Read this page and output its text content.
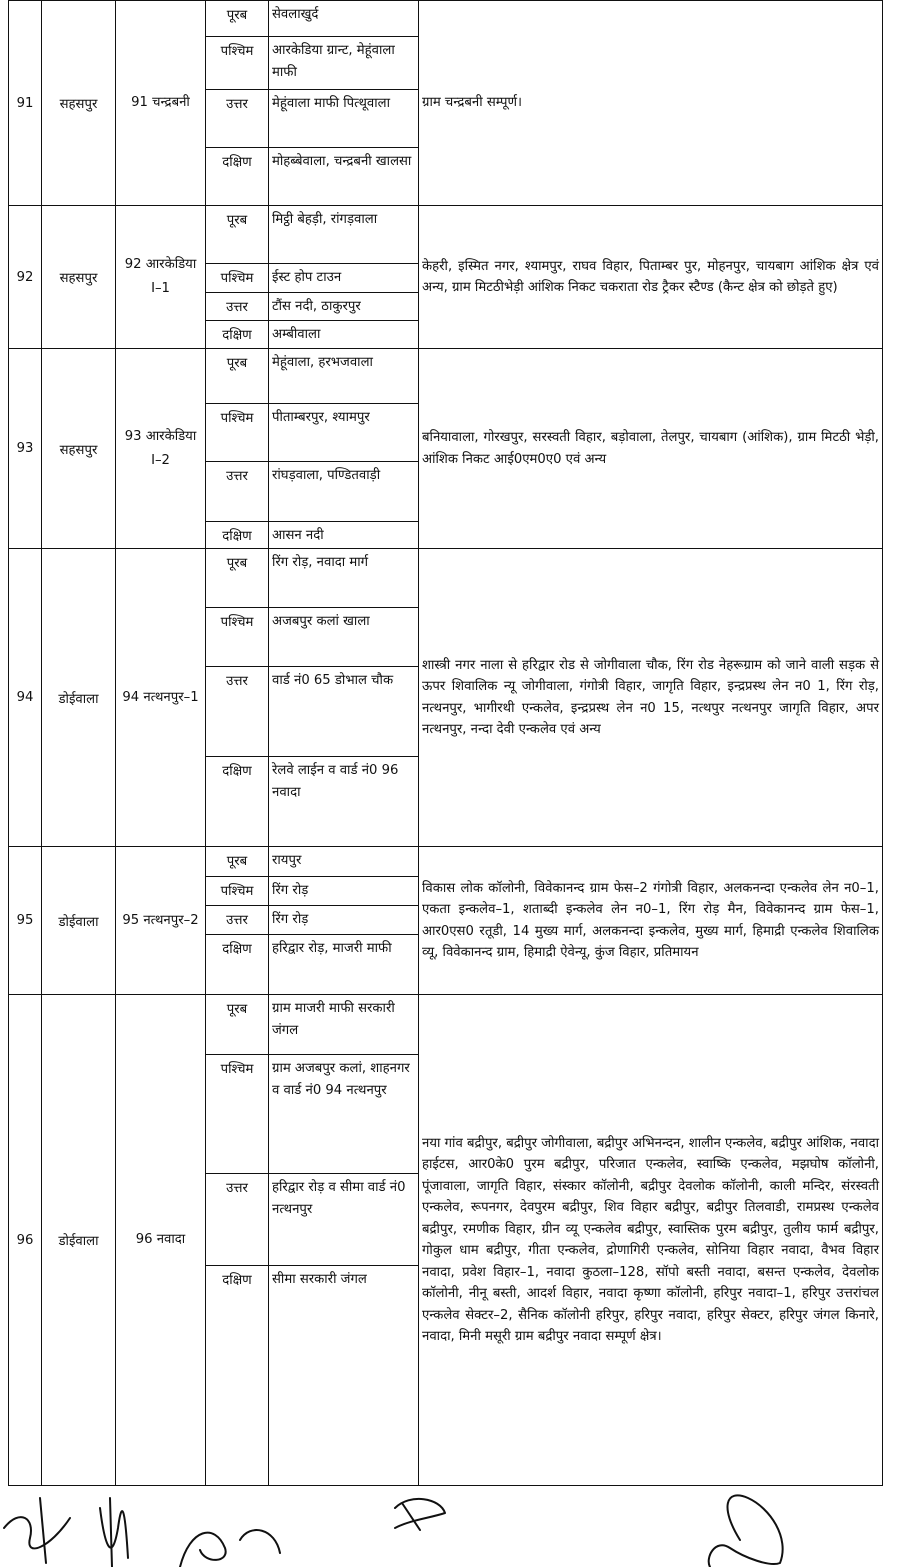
91	सहसपुर	91 चन्द्रबनी	पूरब	सेवलाखुर्द	ग्राम चन्द्रबनी सम्पूर्ण।
			पश्चिम	आरकेडिया ग्रान्ट, मेहूंवाला माफी	
			उत्तर	मेहूंवाला माफी पित्थूवाला	
			दक्षिण	मोहब्बेवाला, चन्द्रबनी खालसा	
92	सहसपुर	92 आरकेडिया I–1	पूरब	मिट्ठी बेहड़ी, रांगड़वाला	केहरी, इस्मित नगर, श्यामपुर, राघव विहार, पिताम्बर पुर, मोहनपुर, चायबाग आंशिक क्षेत्र एवं अन्य, ग्राम मिटठीभेड़ी आंशिक निकट चकराता रोड ट्रैकर स्टैण्ड (कैन्ट क्षेत्र को छोड़ते हुए)
			पश्चिम	ईस्ट होप टाउन	
			उत्तर	टौंस नदी, ठाकुरपुर	
			दक्षिण	अम्बीवाला	
93	सहसपुर	93 आरकेडिया I–2	पूरब	मेहूंवाला, हरभजवाला	बनियावाला, गोरखपुर, सरस्वती विहार, बड़ोवाला, तेलपुर, चायबाग (आंशिक), ग्राम मिटठी भेड़ी, आंशिक निकट आई0एम0ए0 एवं अन्य
			पश्चिम	पीताम्बरपुर, श्यामपुर	
			उत्तर	रांघड़वाला, पण्डितवाड़ी	
			दक्षिण	आसन नदी	
94	डोईवाला	94 नत्थनपुर–1	पूरब	रिंग रोड़, नवादा मार्ग	शास्त्री नगर नाला से हरिद्वार रोड से जोगीवाला चौक, रिंग रोड नेहरूग्राम को जाने वाली सड़क से ऊपर शिवालिक न्यू जोगीवाला, गंगोत्री विहार, जागृति विहार, इन्द्रप्रस्थ लेन न0 1, रिंग रोड़, नत्थनपुर, भागीरथी एन्कलेव, इन्द्रप्रस्थ लेन न0 15, नत्थपुर नत्थनपुर जागृति विहार, अपर नत्थनपुर, नन्दा देवी एन्कलेव एवं अन्य
			पश्चिम	अजबपुर कलां खाला	
			उत्तर	वार्ड नं0 65 डोभाल चौक	
			दक्षिण	रेलवे लाईन व वार्ड नं0 96 नवादा	
95	डोईवाला	95 नत्थनपुर–2	पूरब	रायपुर	विकास लोक कॉलोनी, विवेकानन्द ग्राम फेस–2 गंगोत्री विहार, अलकनन्दा एन्कलेव लेन न0–1, एकता इन्कलेव–1, शताब्दी इन्कलेव लेन न0–1, रिंग रोड़ मैन, विवेकानन्द ग्राम फेस–1, आर0एस0 रतूडी, 14 मुख्य मार्ग, अलकनन्दा इन्कलेव, मुख्य मार्ग, हिमाद्री एन्कलेव शिवालिक व्यू, विवेकानन्द ग्राम, हिमाद्री ऐवेन्यू, कुंज विहार, प्रतिमायन
			पश्चिम	रिंग रोड़	
			उत्तर	रिंग रोड़	
			दक्षिण	हरिद्वार रोड़, माजरी माफी	
96	डोईवाला	96 नवादा	पूरब	ग्राम माजरी माफी सरकारी जंगल	नया गांव बद्रीपुर, बद्रीपुर जोगीवाला, बद्रीपुर अभिनन्दन, शालीन एन्कलेव, बद्रीपुर आंशिक, नवादा हाईटस, आर0के0 पुरम बद्रीपुर, परिजात एन्कलेव, स्वाष्कि एन्कलेव, मझघोष कॉलोनी, पूंजावाला, जागृति विहार, संस्कार कॉलोनी, बद्रीपुर देवलोक कॉलोनी, काली मन्दिर, संरस्वती एन्कलेव, रूपनगर, देवपुरम बद्रीपुर, शिव विहार बद्रीपुर, बद्रीपुर तिलवाडी, रामप्रस्थ एन्कलेव बद्रीपुर, रमणीक विहार, ग्रीन व्यू एन्कलेव बद्रीपुर, स्वास्तिक पुरम बद्रीपुर, तुलीय फार्म बद्रीपुर, गोकुल धाम बद्रीपुर, गीता एन्कलेव, द्रोणागिरी एन्कलेव, सोनिया विहार नवादा, वैभव विहार नवादा, प्रवेश विहार–1, नवादा कुठला–128, सॉपो बस्ती नवादा, बसन्त एन्कलेव, देवलोक कॉलोनी, नीनू बस्ती, आदर्श विहार, नवादा कृष्णा कॉलोनी, हरिपुर नवादा–1, हरिपुर उत्तरांचल एन्कलेव सेक्टर–2, सैनिक कॉलोनी हरिपुर, हरिपुर नवादा, हरिपुर सेक्टर, हरिपुर जंगल किनारे, नवादा, मिनी मसूरी ग्राम बद्रीपुर नवादा सम्पूर्ण क्षेत्र।
			पश्चिम	ग्राम अजबपुर कलां, शाहनगर व वार्ड नं0 94 नत्थनपुर	
			उत्तर	हरिद्वार रोड़ व सीमा वार्ड नं0 नत्थनपुर	
			दक्षिण	सीमा सरकारी जंगल	
